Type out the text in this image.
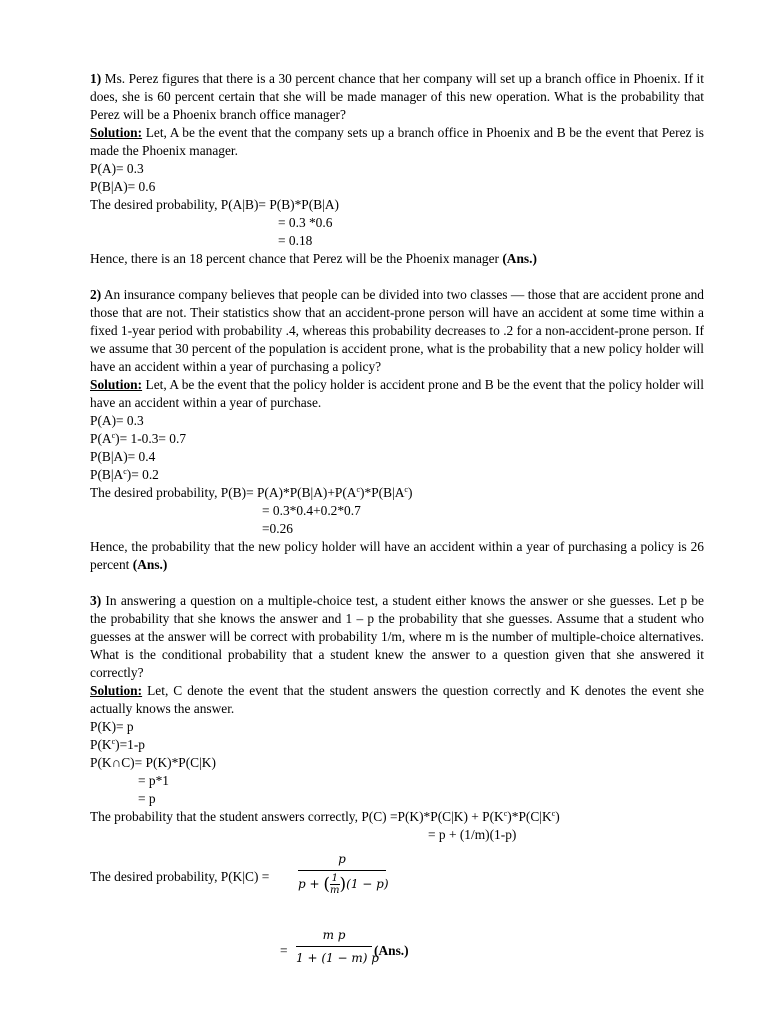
1) Ms. Perez figures that there is a 30 percent chance that her company will set up a branch office in Phoenix. If it does, she is 60 percent certain that she will be made manager of this new operation. What is the probability that Perez will be a Phoenix branch office manager?

Solution: Let, A be the event that the company sets up a branch office in Phoenix and B be the event that Perez is made the Phoenix manager.

P(A)= 0.3

P(B|A)= 0.6

The desired probability, P(A|B)= P(B)*P(B|A)

= 0.3 *0.6

= 0.18

Hence, there is an 18 percent chance that Perez will be the Phoenix manager (Ans.)

2) An insurance company believes that people can be divided into two classes — those that are accident prone and those that are not. Their statistics show that an accident-prone person will have an accident at some time within a fixed 1-year period with probability .4, whereas this probability decreases to .2 for a non-accident-prone person. If we assume that 30 percent of the population is accident prone, what is the probability that a new policy holder will have an accident within a year of purchasing a policy?

Solution: Let, A be the event that the policy holder is accident prone and B be the event that the policy holder will have an accident within a year of purchase.

P(A)= 0.3

$P(A^c)= 1-0.3= 0.7$

P(B|A)= 0.4

$P(B|A^c)= 0.2$

The desired probability, $P(B)= P(A)*P(B|A)+P(A^c)*P(B|A^c)$

= 0.3*0.4+0.2*0.7

=0.26

Hence, the probability that the new policy holder will have an accident within a year of purchasing a policy is 26 percent (Ans.)

3) In answering a question on a multiple-choice test, a student either knows the answer or she guesses. Let p be the probability that she knows the answer and 1 – p the probability that she guesses. Assume that a student who guesses at the answer will be correct with probability 1/m, where m is the number of multiple-choice alternatives. What is the conditional probability that a student knew the answer to a question given that she answered it correctly?

Solution: Let, C denote the event that the student answers the question correctly and K denotes the event she actually knows the answer.

P(K)= p

$P(K^c)=1-p$

P(K∩C)= P(K)*P(C|K)

= p*1

= p

The probability that the student answers correctly, $P(C) =P(K)*P(C|K) + P(K^c)*P(C|K^c)$

= p + (1/m)(1-p)

The desired probability, P(K|C) =
p
$p + (\frac{1}{m} )(1 - p)$
=
m p
1 + (1 − m) p
(Ans.)
